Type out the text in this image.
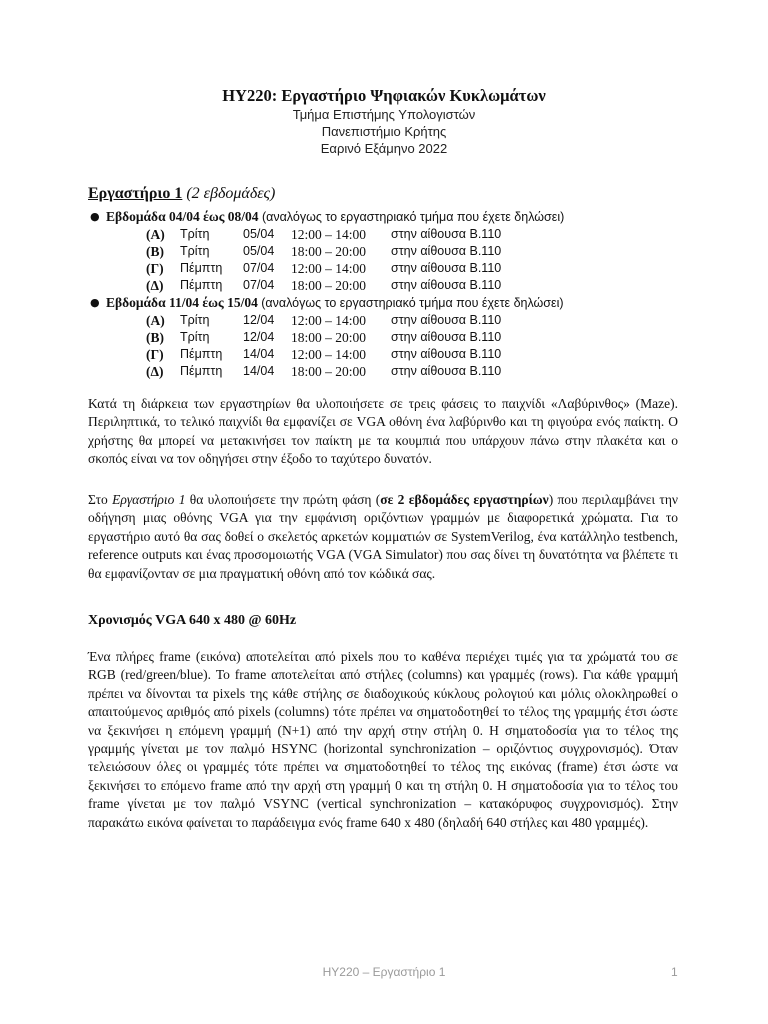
HY220: Εργαστήριο Ψηφιακών Κυκλωμάτων
Τμήμα Επιστήμης Υπολογιστών
Πανεπιστήμιο Κρήτης
Εαρινό Εξάμηνο 2022
Εργαστήριο 1 (2 εβδομάδες)
● Εβδομάδα 04/04 έως 08/04 (αναλόγως το εργαστηριακό τμήμα που έχετε δηλώσει)
(Α) Τρίτη	05/04 12:00 – 14:00 στην αίθουσα Β.110
(Β) Τρίτη	05/04 18:00 – 20:00 στην αίθουσα Β.110
(Γ) Πέμπτη 07/04 12:00 – 14:00 στην αίθουσα Β.110
(Δ) Πέμπτη 07/04 18:00 – 20:00 στην αίθουσα Β.110
● Εβδομάδα 11/04 έως 15/04 (αναλόγως το εργαστηριακό τμήμα που έχετε δηλώσει)
(Α) Τρίτη	12/04 12:00 – 14:00 στην αίθουσα Β.110
(Β) Τρίτη	12/04 18:00 – 20:00 στην αίθουσα Β.110
(Γ) Πέμπτη 14/04 12:00 – 14:00 στην αίθουσα Β.110
(Δ) Πέμπτη 14/04 18:00 – 20:00 στην αίθουσα Β.110

Κατά τη διάρκεια των εργαστηρίων θα υλοποιήσετε σε τρεις φάσεις το παιχνίδι «Λαβύρινθος» (Maze). Περιληπτικά, το τελικό παιχνίδι θα εμφανίζει σε VGA οθόνη ένα λαβύρινθο και τη φιγούρα ενός παίκτη. Ο χρήστης θα μπορεί να μετακινήσει τον παίκτη με τα κουμπιά που υπάρχουν πάνω στην πλακέτα και ο σκοπός είναι να τον οδηγήσει στην έξοδο το ταχύτερο δυνατόν.

Στο Εργαστήριο 1 θα υλοποιήσετε την πρώτη φάση (σε 2 εβδομάδες εργαστηρίων) που περιλαμβάνει την οδήγηση μιας οθόνης VGA για την εμφάνιση οριζόντιων γραμμών με διαφορετικά χρώματα. Για το εργαστήριο αυτό θα σας δοθεί ο σκελετός αρκετών κομματιών σε SystemVerilog, ένα κατάλληλο testbench, reference outputs και ένας προσομοιωτής VGA (VGA Simulator) που σας δίνει τη δυνατότητα να βλέπετε τι θα εμφανίζονταν σε μια πραγματική οθόνη από τον κώδικά σας.

Χρονισμός VGA 640 x 480 @ 60Hz

Ένα πλήρες frame (εικόνα) αποτελείται από pixels που το καθένα περιέχει τιμές για τα χρώματά του σε RGB (red/green/blue). Το frame αποτελείται από στήλες (columns) και γραμμές (rows). Για κάθε γραμμή πρέπει να δίνονται τα pixels της κάθε στήλης σε διαδοχικούς κύκλους ρολογιού και μόλις ολοκληρωθεί ο απαιτούμενος αριθμός από pixels (columns) τότε πρέπει να σηματοδοτηθεί το τέλος της γραμμής έτσι ώστε να ξεκινήσει η επόμενη γραμμή (N+1) από την αρχή στην στήλη 0. Η σηματοδοσία για το τέλος της γραμμής γίνεται με τον παλμό HSYNC (horizontal synchronization – οριζόντιος συγχρονισμός). Όταν τελειώσουν όλες οι γραμμές τότε πρέπει να σηματοδοτηθεί το τέλος της εικόνας (frame) έτσι ώστε να ξεκινήσει το επόμενο frame από την αρχή στη γραμμή 0 και τη στήλη 0. Η σηματοδοσία για το τέλος του frame γίνεται με τον παλμό VSYNC (vertical synchronization – κατακόρυφος συγχρονισμός). Στην παρακάτω εικόνα φαίνεται το παράδειγμα ενός frame 640 x 480 (δηλαδή 640 στήλες και 480 γραμμές).

HY220 – Εργαστήριο 1	1
